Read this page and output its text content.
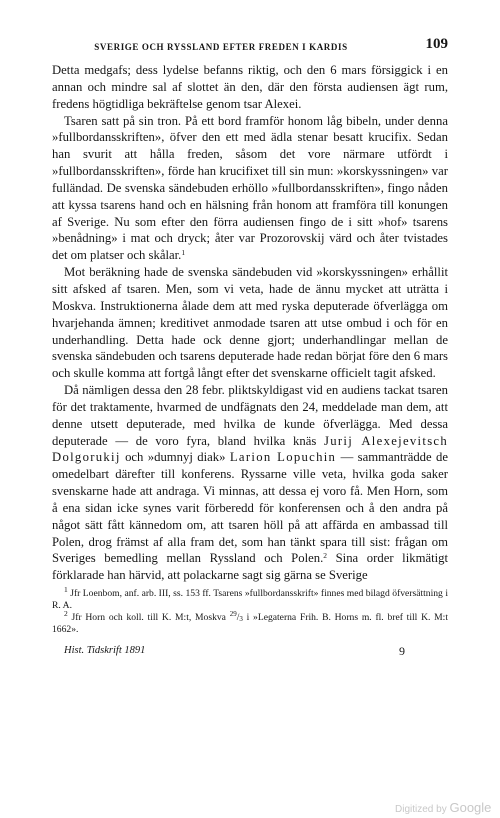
SVERIGE OCH RYSSLAND EFTER FREDEN I KARDIS	109

Detta medgafs; dess lydelse befanns riktig, och den 6 mars försiggick i en annan och mindre sal af slottet än den, där den första audiensen ägt rum, fredens högtidliga bekräftelse genom tsar Alexei.

Tsaren satt på sin tron. På ett bord framför honom låg bibeln, under denna »fullbordansskriften», öfver den ett med ädla stenar besatt krucifix. Sedan han svurit att hålla freden, såsom det vore närmare utfördt i »fullbordansskriften», förde han krucifixet till sin mun: »korskyssningen» var fulländad. De svenska sändebuden erhöllo »fullbordansskriften», fingo nåden att kyssa tsarens hand och en hälsning från honom att framföra till konungen af Sverige. Nu som efter den förra audiensen fingo de i sitt »hof» tsarens »benådning» i mat och dryck; åter var Prozorovskij värd och åter tvistades det om platser och skålar.$^1$

Mot beräkning hade de svenska sändebuden vid »korskyssningen» erhållit sitt afsked af tsaren. Men, som vi veta, hade de ännu mycket att uträtta i Moskva. Instruktionerna ålade dem att med ryska deputerade öfverlägga om hvarjehanda ämnen; kreditivet anmodade tsaren att utse ombud i och för en underhandling. Detta hade ock denne gjort; underhandlingar mellan de svenska sändebuden och tsarens deputerade hade redan börjat före den 6 mars och skulle komma att fortgå långt efter det svenskarne officielt tagit afsked.

Då nämligen dessa den 28 febr. pliktskyldigast vid en audiens tackat tsaren för det traktamente, hvarmed de undfägnats den 24, meddelade man dem, att denne utsett deputerade, med hvilka de kunde öfverlägga. Med dessa deputerade — de voro fyra, bland hvilka knäs Jurij Alexejevitsch Dolgorukij och »dumnyj diak» Larion Lopuchin — sammanträdde de omedelbart därefter till konferens. Ryssarne ville veta, hvilka goda saker svenskarne hade att andraga. Vi minnas, att dessa ej voro få. Men Horn, som å ena sidan icke synes varit förberedd för konferensen och å den andra på något sätt fått kännedom om, att tsaren höll på att affärda en ambassad till Polen, drog främst af alla fram det, som han tänkt spara till sist: frågan om Sveriges bemedling mellan Ryssland och Polen.$^2$ Sina order likmätigt förklarade han härvid, att polackarne sagt sig gärna se Sverige

$^1$ Jfr Loenbom, anf. arb. III, ss. 153 ff. Tsarens »fullbordansskrift» finnes med bilagd öfversättning i R. A.

$^2$ Jfr Horn och koll. till K. M:t, Moskva $^{29}$/3 i »Legaterna Frih. B. Horns m. fl. bref till K. M:t 1662».

Hist. Tidskrift 1891	9
Digitized by Google
